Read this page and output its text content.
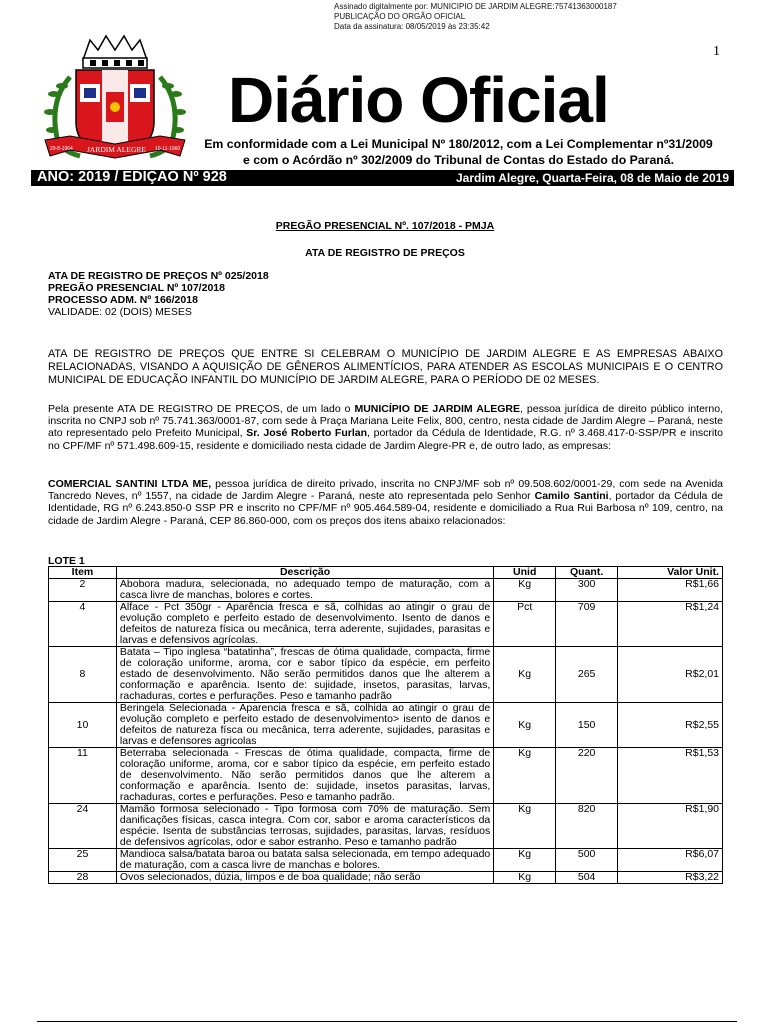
Assinado digitalmente por: MUNICIPIO DE JARDIM ALEGRE:75741363000187
PUBLICAÇÃO DO ORGÃO OFICIAL
Data da assinatura: 08/05/2019 às 23:35:42
1
29-8-1964 JARDIM ALEGRE 10-11-1960
Diário Oficial
Em conformidade com a Lei Municipal Nº 180/2012, com a Lei Complementar nº31/2009
e com o Acórdão nº 302/2009 do Tribunal de Contas do Estado do Paraná.
ANO: 2019 / EDIÇÃO Nº 928	Jardim Alegre, Quarta-Feira, 08 de Maio de 2019
PREGÃO PRESENCIAL Nº. 107/2018 - PMJA
ATA DE REGISTRO DE PREÇOS
ATA DE REGISTRO DE PREÇOS Nº 025/2018
PREGÃO PRESENCIAL Nº 107/2018
PROCESSO ADM. Nº 166/2018
VALIDADE: 02 (DOIS) MESES
ATA DE REGISTRO DE PREÇOS QUE ENTRE SI CELEBRAM O MUNICÍPIO DE JARDIM ALEGRE E AS EMPRESAS ABAIXO RELACIONADAS, VISANDO A AQUISIÇÃO DE GÊNEROS ALIMENTÍCIOS, PARA ATENDER AS ESCOLAS MUNICIPAIS E O CENTRO MUNICIPAL DE EDUCAÇÃO INFANTIL DO MUNICÍPIO DE JARDIM ALEGRE, PARA O PERÍODO DE 02 MESES.
Pela presente ATA DE REGISTRO DE PREÇOS, de um lado o MUNICÍPIO DE JARDIM ALEGRE, pessoa jurídica de direito público interno, inscrita no CNPJ sob nº 75.741.363/0001-87, com sede à Praça Mariana Leite Felix, 800, centro, nesta cidade de Jardim Alegre – Paraná, neste ato representado pelo Prefeito Municipal, Sr. José Roberto Furlan, portador da Cédula de Identidade, R.G. nº 3.468.417-0-SSP/PR e inscrito no CPF/MF nº 571.498.609-15, residente e domiciliado nesta cidade de Jardim Alegre-PR e, de outro lado, as empresas:
COMERCIAL SANTINI LTDA ME, pessoa jurídica de direito privado, inscrita no CNPJ/MF sob nº 09.508.602/0001-29, com sede na Avenida Tancredo Neves, nº 1557, na cidade de Jardim Alegre - Paraná, neste ato representada pelo Senhor Camilo Santini, portador da Cédula de Identidade, RG nº 6.243.850-0 SSP PR e inscrito no CPF/MF nº 905.464.589-04, residente e domiciliado a Rua Rui Barbosa nº 109, centro, na cidade de Jardim Alegre - Paraná, CEP 86.860-000, com os preços dos itens abaixo relacionados:
LOTE 1
Item	Descrição	Unid	Quant.	Valor Unit.
2	Abobora madura, selecionada, no adequado tempo de maturação, com a casca livre de manchas, bolores e cortes.	Kg	300	R$1,66
4	Alface - Pct 350gr - Aparência fresca e sã, colhidas ao atingir o grau de evolução completo e perfeito estado de desenvolvimento. Isento de danos e defeitos de natureza física ou mecânica, terra aderente, sujidades, parasitas e larvas e defensivos agrícolas.	Pct	709	R$1,24
8	Batata – Tipo inglesa “batatinha”, frescas de ótima qualidade, compacta, firme de coloração uniforme, aroma, cor e sabor típico da espécie, em perfeito estado de desenvolvimento. Não serão permitidos danos que lhe alterem a conformação e aparência. Isento de: sujidade, insetos, parasitas, larvas, rachaduras, cortes e perfurações. Peso e tamanho padrão	Kg	265	R$2,01
10	Beringela Selecionada - Aparencia fresca e sã, colhida ao atingir o grau de evolução completo e perfeito estado de desenvolvimento> isento de danos e defeitos de natureza físca ou mecânica, terra aderente, sujidades, parasitas e larvas e defensores agricolas	Kg	150	R$2,55
11	Beterraba selecionada - Frescas de ótima qualidade, compacta, firme de coloração uniforme, aroma, cor e sabor típico da espécie, em perfeito estado de desenvolvimento. Não serão permitidos danos que lhe alterem a conformação e aparência. Isento de: sujidade, insetos parasitas, larvas, rachaduras, cortes e perfurações. Peso e tamanho padrão.	Kg	220	R$1,53
24	Mamão formosa selecionado - Tipo formosa com 70% de maturação. Sem danificações físicas, casca integra. Com cor, sabor e aroma característicos da espécie. Isenta de substâncias terrosas, sujidades, parasitas, larvas, resíduos de defensivos agrícolas, odor e sabor estranho. Peso e tamanho padrão	Kg	820	R$1,90
25	Mandioca salsa/batata baroa ou batata salsa selecionada, em tempo adequado de maturação, com a casca livre de manchas e bolores.	Kg	500	R$6,07
28	Ovos selecionados, dúzia, limpos e de boa qualidade; não serão	Kg	504	R$3,22
